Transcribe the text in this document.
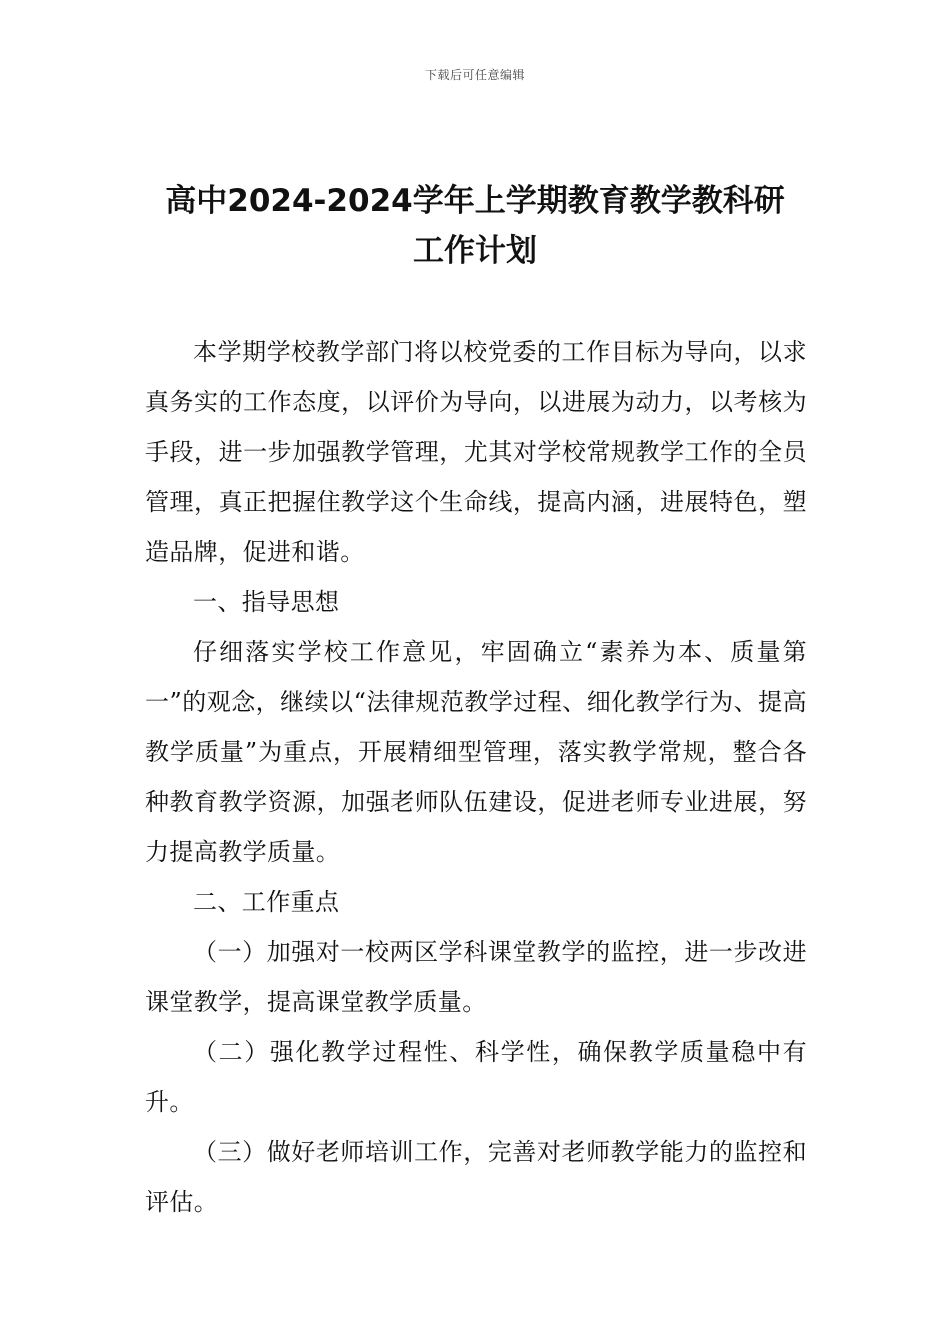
下载后可任意编辑
高中2024-2024学年上学期教育教学教科研
工作计划

本学期学校教学部门将以校党委的工作目标为导向，以求真务实的工作态度，以评价为导向，以进展为动力，以考核为手段，进一步加强教学管理，尤其对学校常规教学工作的全员管理，真正把握住教学这个生命线，提高内涵，进展特色，塑造品牌，促进和谐。

一、指导思想

仔细落实学校工作意见，牢固确立“素养为本、质量第一”的观念，继续以“法律规范教学过程、细化教学行为、提高教学质量”为重点，开展精细型管理，落实教学常规，整合各种教育教学资源，加强老师队伍建设，促进老师专业进展，努力提高教学质量。

二、工作重点

（一）加强对一校两区学科课堂教学的监控，进一步改进课堂教学，提高课堂教学质量。

（二）强化教学过程性、科学性，确保教学质量稳中有升。

（三）做好老师培训工作，完善对老师教学能力的监控和评估。
